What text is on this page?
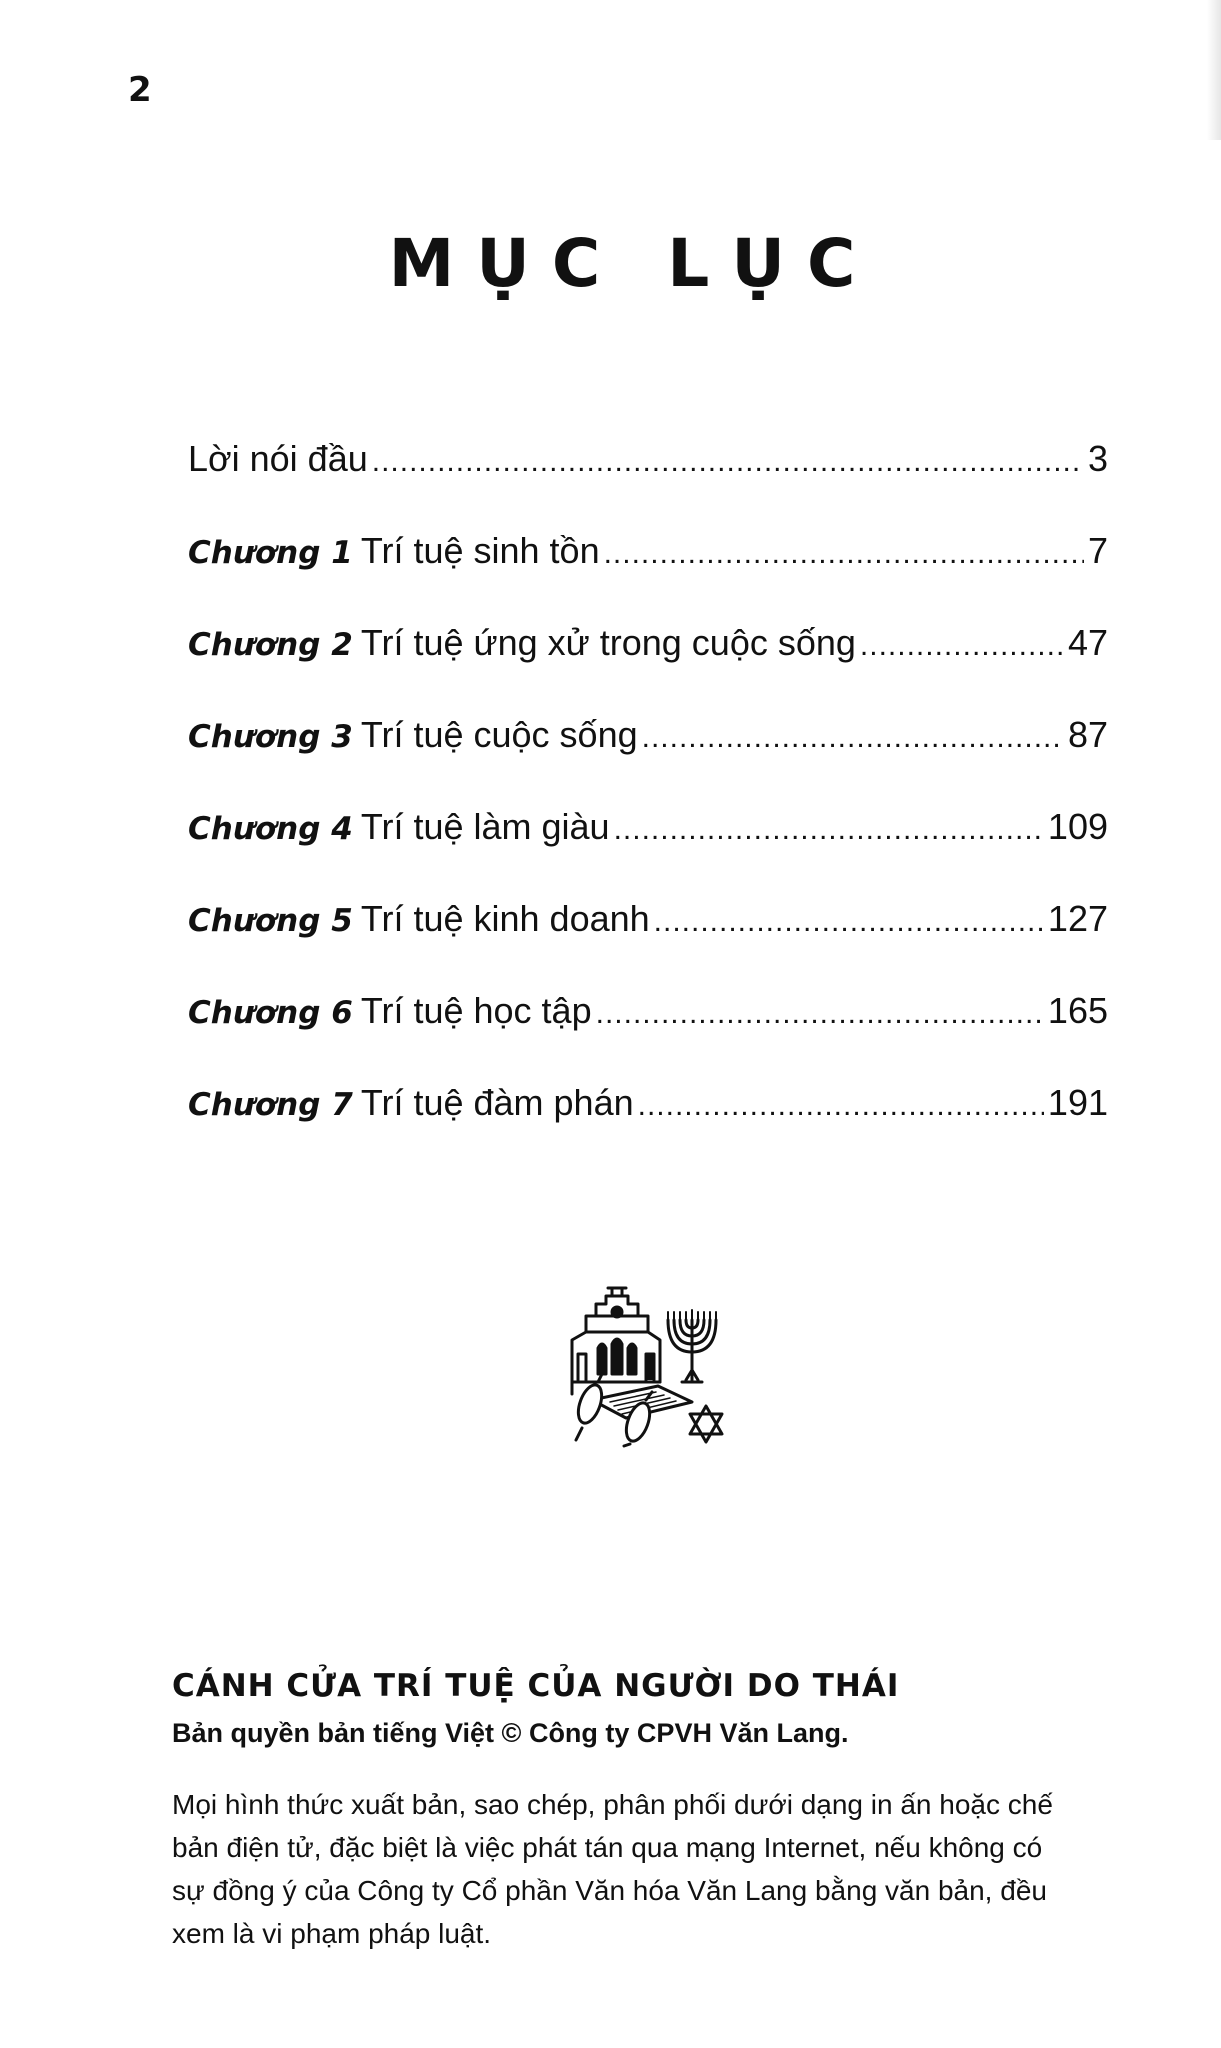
2
MỤC LỤC
Lời nói đầu .....	3
Chương 1 Trí tuệ sinh tồn .....	7
Chương 2 Trí tuệ ứng xử trong cuộc sống .....	47
Chương 3 Trí tuệ cuộc sống .....	87
Chương 4 Trí tuệ làm giàu .....	109
Chương 5 Trí tuệ kinh doanh .....	127
Chương 6 Trí tuệ học tập .....	165
Chương 7 Trí tuệ đàm phán .....	191
CÁNH CỬA TRÍ TUỆ CỦA NGƯỜI DO THÁI

Bản quyền bản tiếng Việt © Công ty CPVH Văn Lang.

Mọi hình thức xuất bản, sao chép, phân phối dưới dạng in ấn hoặc chế
bản điện tử, đặc biệt là việc phát tán qua mạng Internet, nếu không có
sự đồng ý của Công ty Cổ phần Văn hóa Văn Lang bằng văn bản, đều
xem là vi phạm pháp luật.
